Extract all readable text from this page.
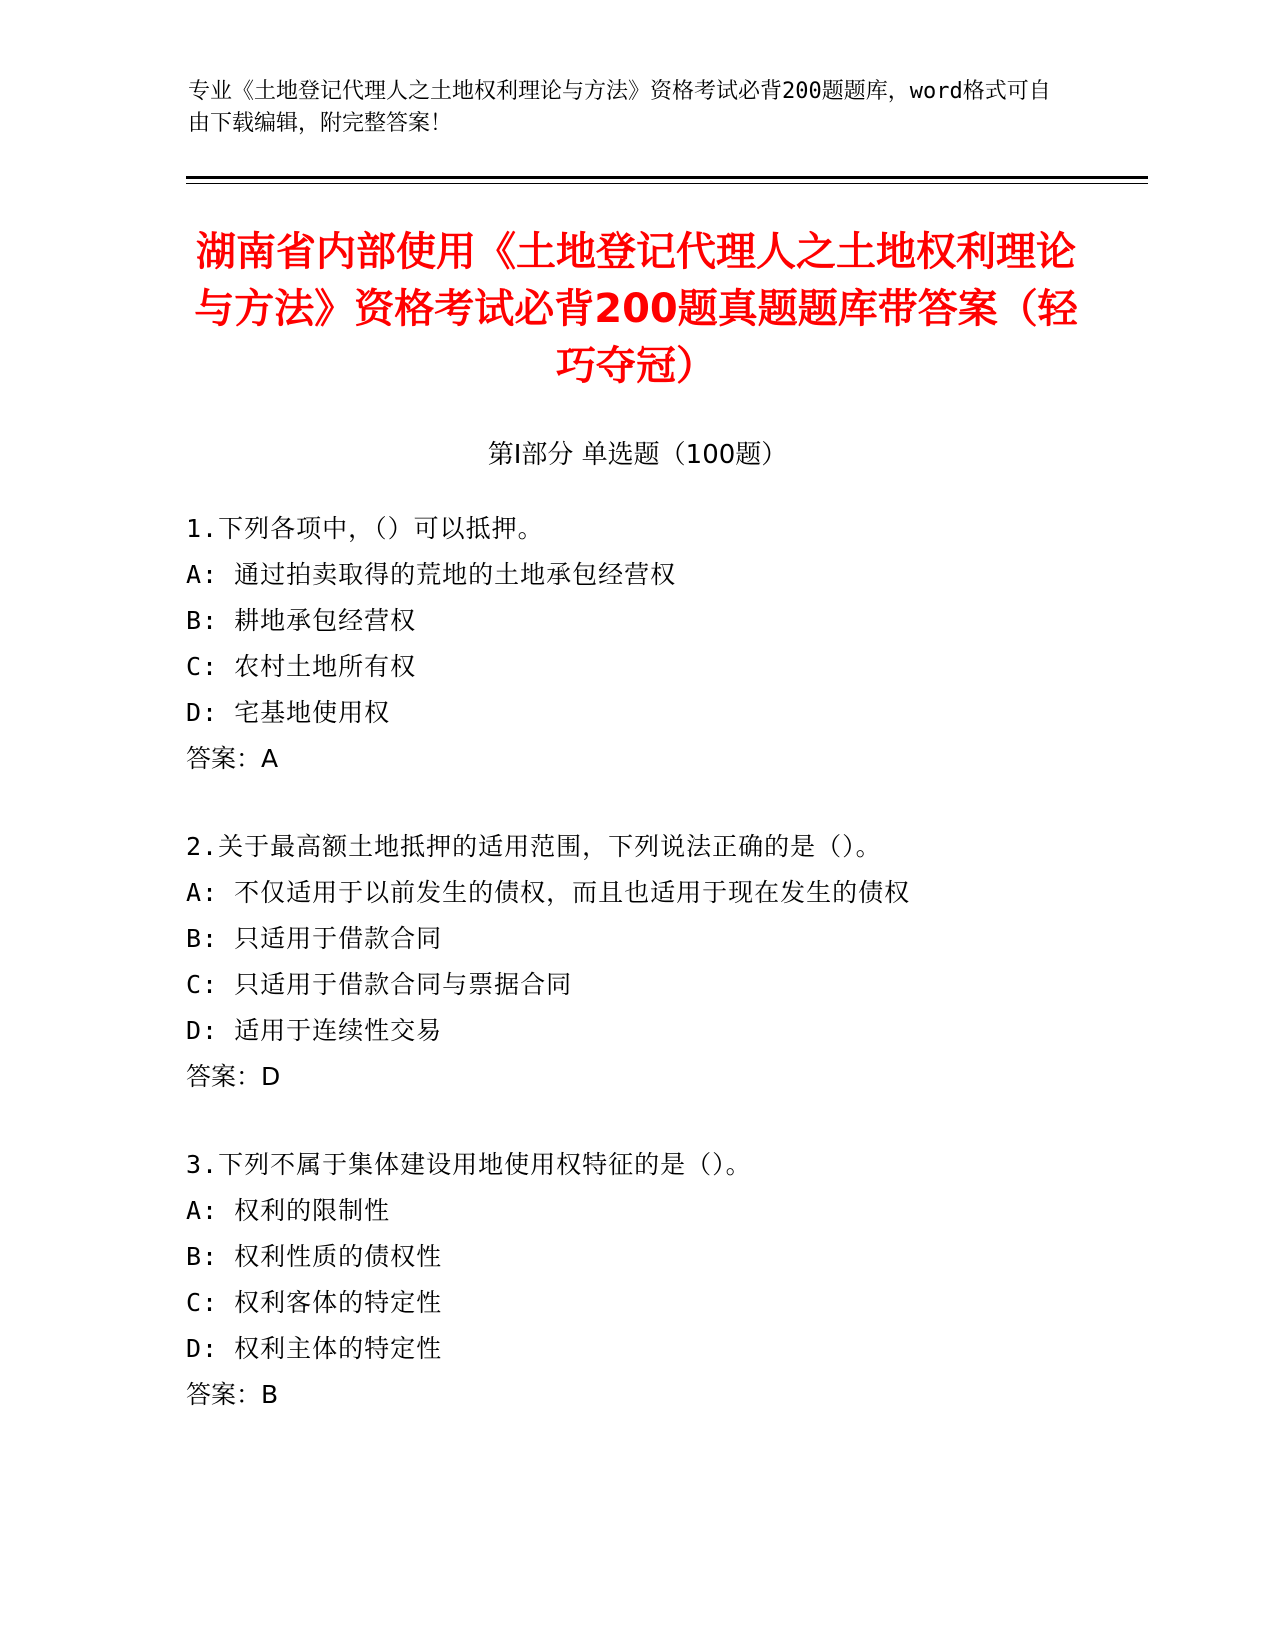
专业《土地登记代理人之土地权利理论与方法》资格考试必背200题题库，word格式可自由下载编辑，附完整答案！
湖南省内部使用《土地登记代理人之土地权利理论与方法》资格考试必背200题真题题库带答案（轻巧夺冠）
第I部分 单选题（100题）
1.下列各项中，（）可以抵押。
A: 通过拍卖取得的荒地的土地承包经营权
B: 耕地承包经营权
C: 农村土地所有权
D: 宅基地使用权
答案：A
2.关于最高额土地抵押的适用范围，下列说法正确的是（）。
A: 不仅适用于以前发生的债权，而且也适用于现在发生的债权
B: 只适用于借款合同
C: 只适用于借款合同与票据合同
D: 适用于连续性交易
答案：D
3.下列不属于集体建设用地使用权特征的是（）。
A: 权利的限制性
B: 权利性质的债权性
C: 权利客体的特定性
D: 权利主体的特定性
答案：B
